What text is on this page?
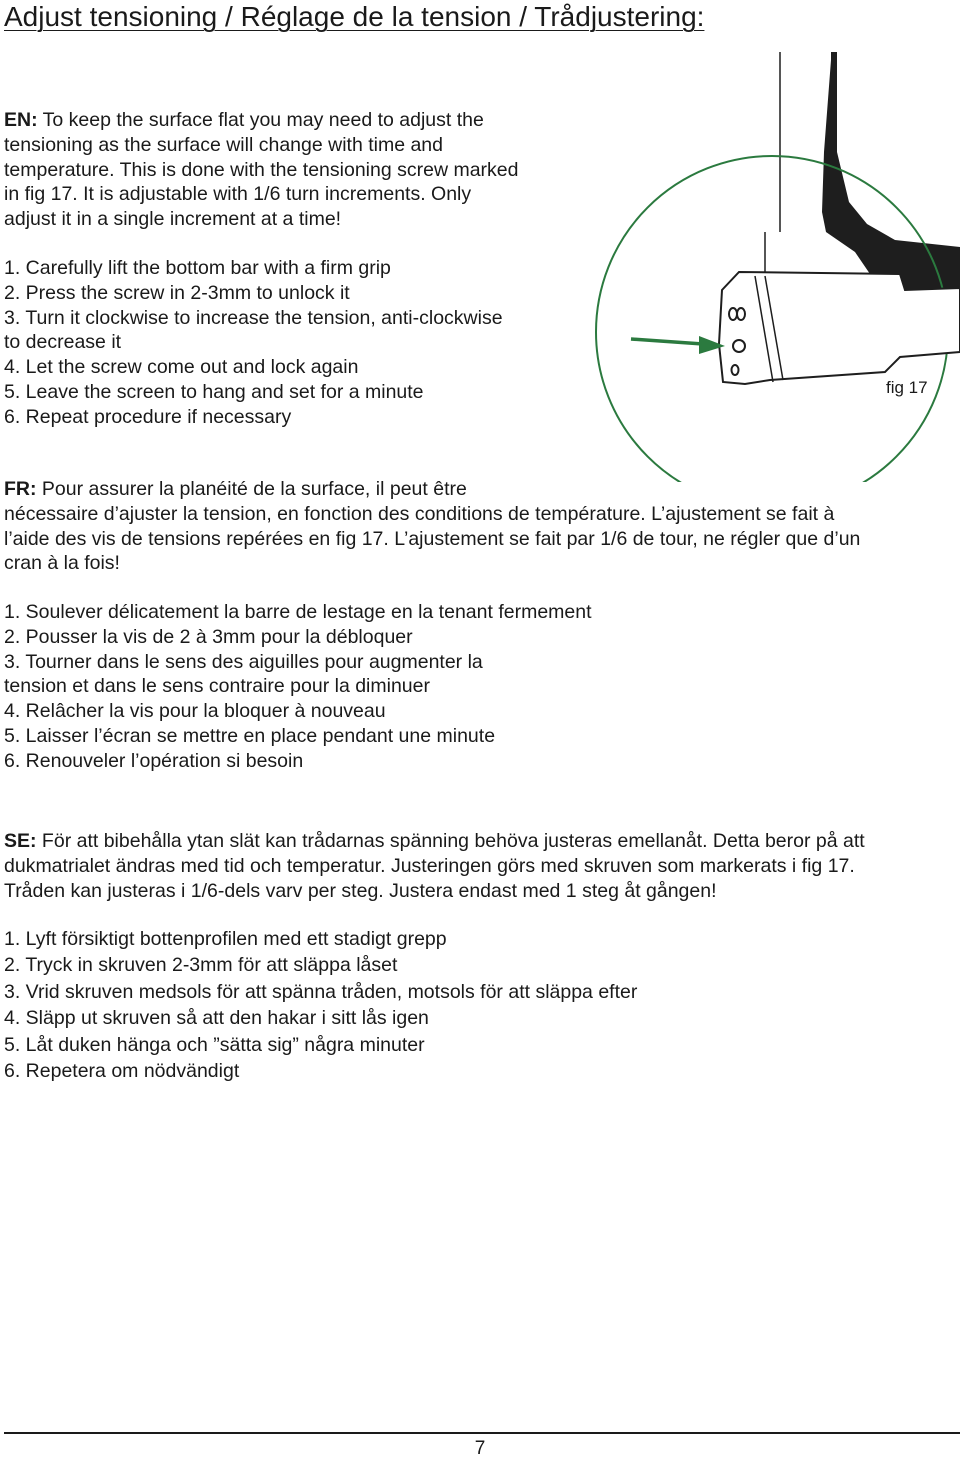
Adjust tensioning / Réglage de la tension / Trådjustering:
EN: To keep the surface flat you may need to adjust the
tensioning as the surface will change with time and
temperature. This is done with the tensioning screw marked
in fig 17. It is adjustable with 1/6 turn increments. Only
adjust it in a single increment at a time!
1. Carefully lift the bottom bar with a firm grip
2. Press the screw in 2-3mm to unlock it
3. Turn it clockwise to increase the tension, anti-clockwise
to decrease it
4. Let the screw come out and lock again
5. Leave the screen to hang and set for a minute
6. Repeat procedure if necessary
fig 17
FR: Pour assurer la planéité de la surface, il peut être
nécessaire d’ajuster la tension, en fonction des conditions de température. L’ajustement se fait à
l’aide des vis de tensions repérées en fig 17. L’ajustement se fait par 1/6 de tour, ne régler que d’un
cran à la fois!
1. Soulever délicatement la barre de lestage en la tenant fermement
2. Pousser la vis de 2 à 3mm pour la débloquer
3. Tourner dans le sens des aiguilles pour augmenter la
tension et dans le sens contraire pour la diminuer
4. Relâcher la vis pour la bloquer à nouveau
5. Laisser l’écran se mettre en place pendant une minute
6. Renouveler l’opération si besoin
SE: För att bibehålla ytan slät kan trådarnas spänning behöva justeras emellanåt. Detta beror på att
dukmatrialet ändras med tid och temperatur. Justeringen görs med skruven som markerats i fig 17.
Tråden kan justeras i 1/6-dels varv per steg. Justera endast med 1 steg åt gången!
1. Lyft försiktigt bottenprofilen med ett stadigt grepp
2. Tryck in skruven 2-3mm för att släppa låset
3. Vrid skruven medsols för att spänna tråden, motsols för att släppa efter
4. Släpp ut skruven så att den hakar i sitt lås igen
5. Låt duken hänga och ”sätta sig” några minuter
6. Repetera om nödvändigt
7
